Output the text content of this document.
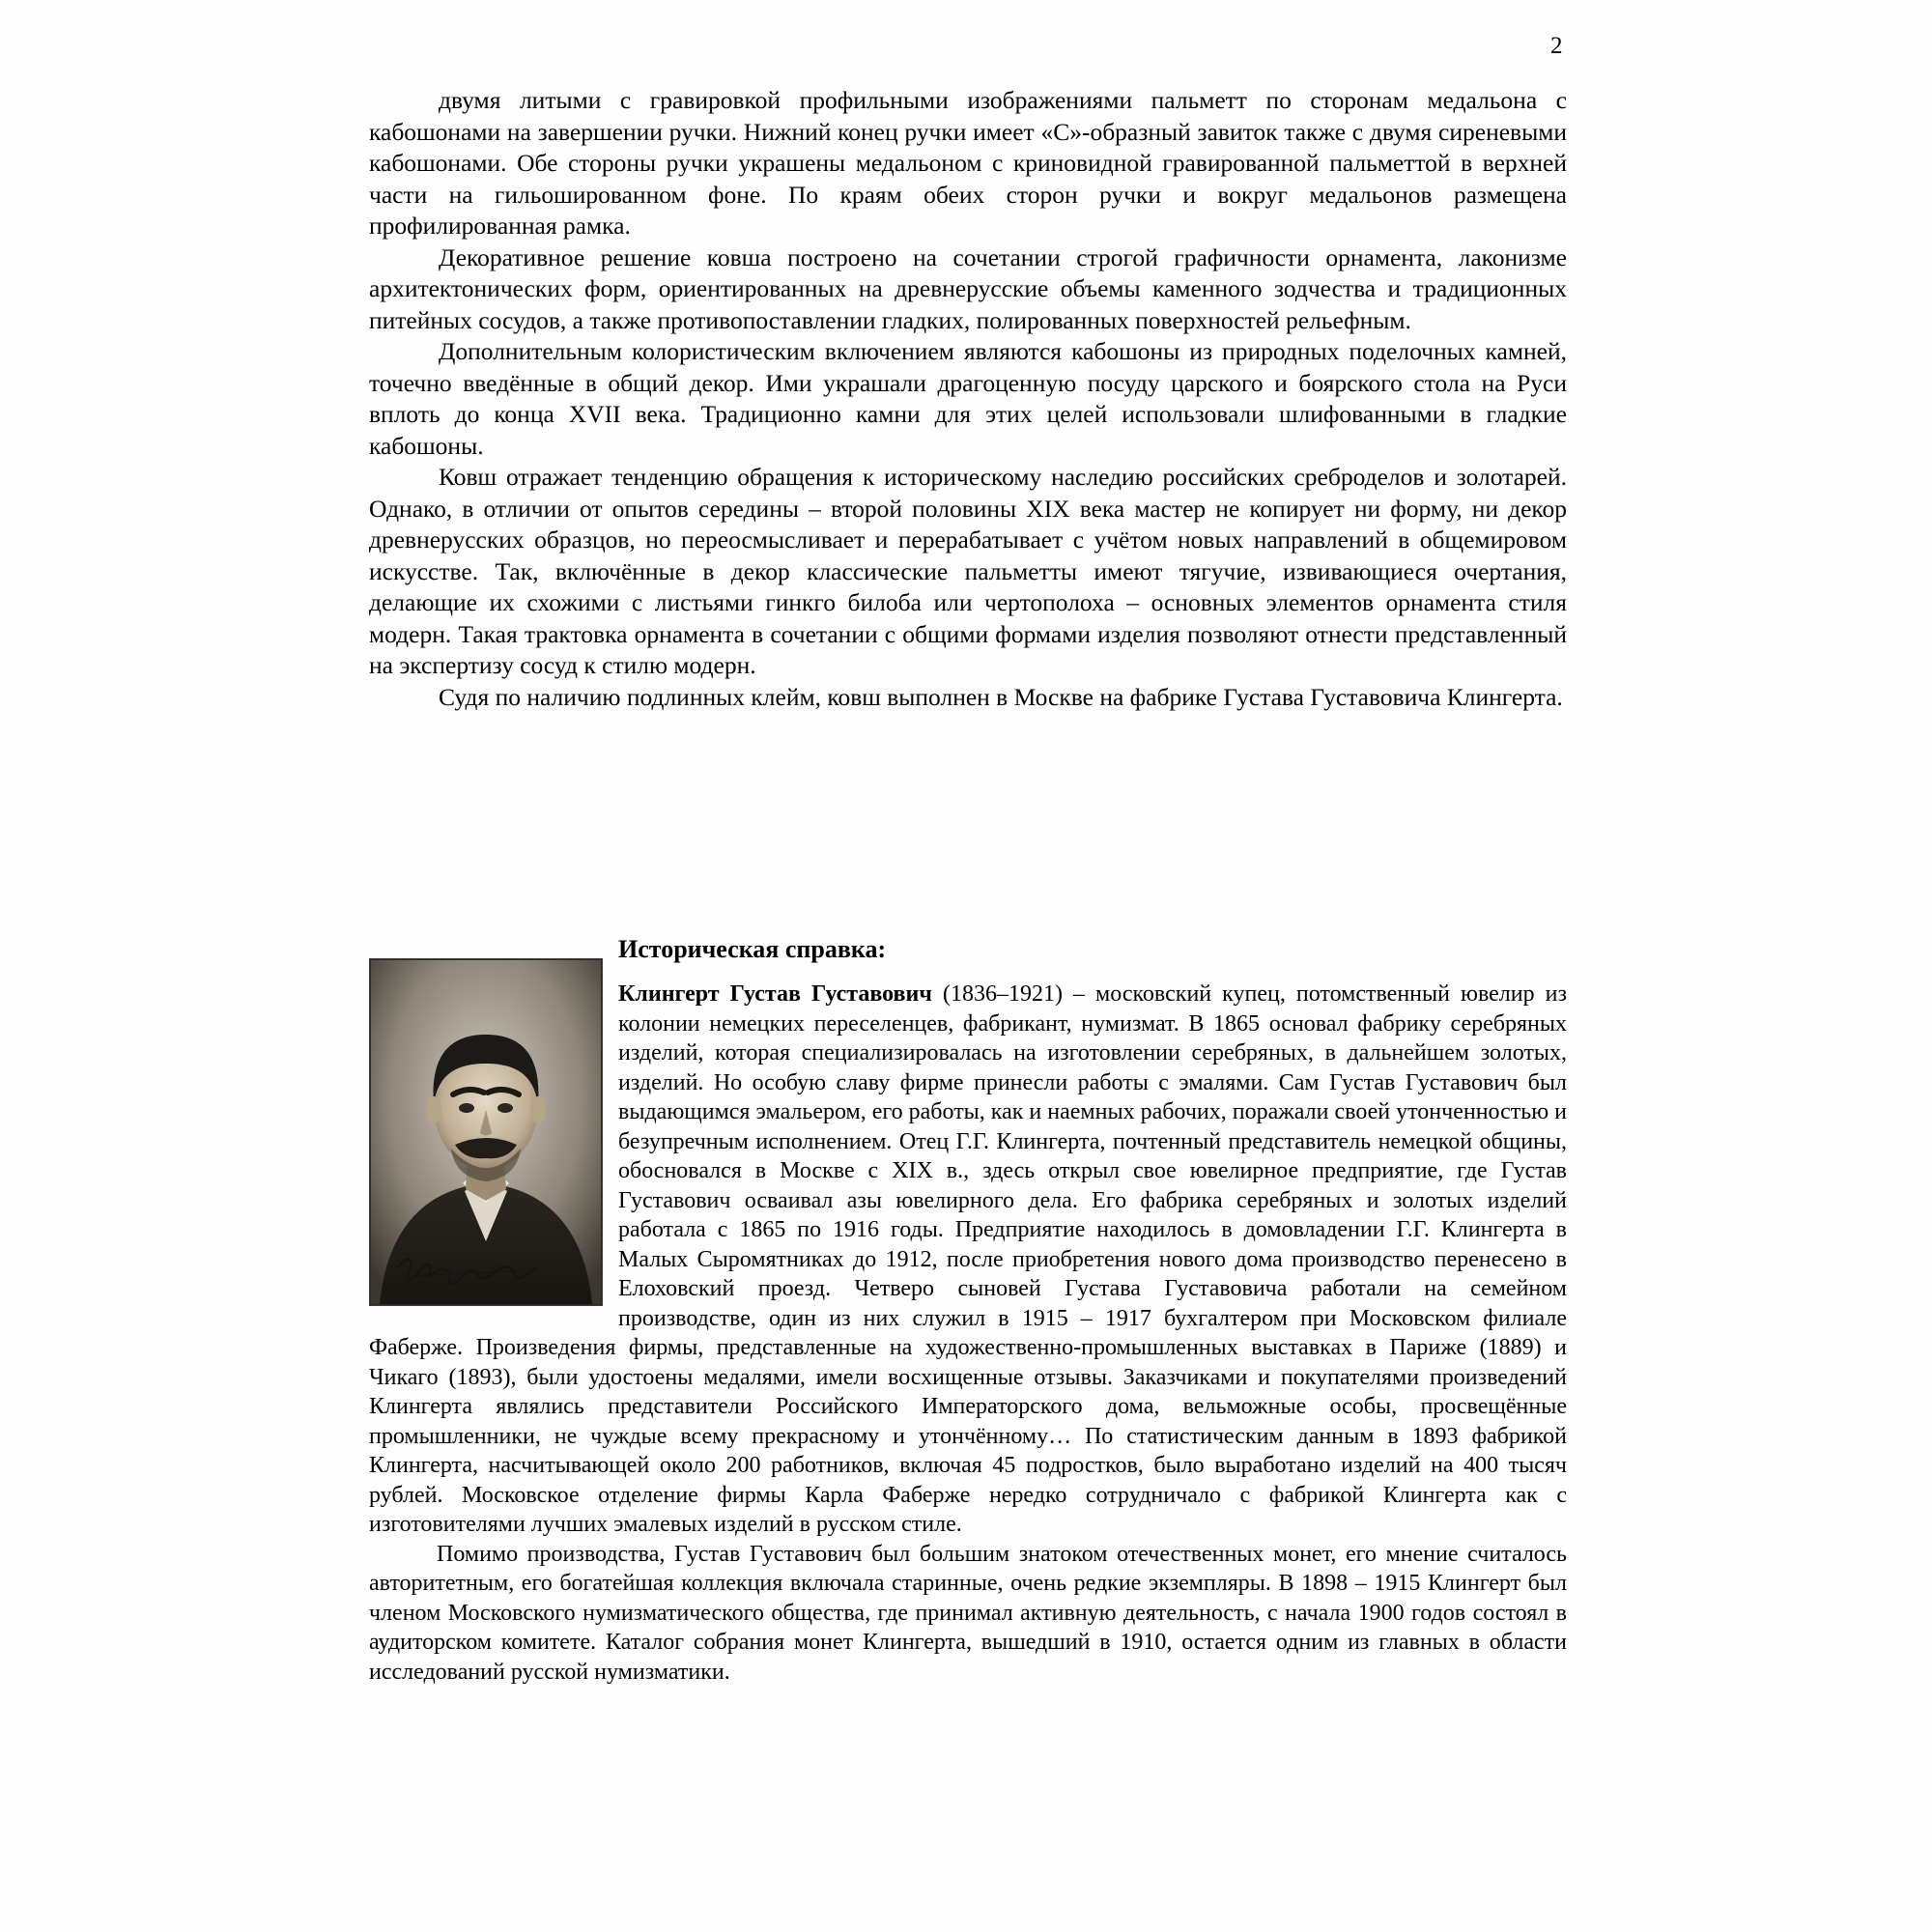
2

двумя литыми с гравировкой профильными изображениями пальметт по сторонам медальона с кабошонами на завершении ручки. Нижний конец ручки имеет «С»-образный завиток также с двумя сиреневыми кабошонами. Обе стороны ручки украшены медальоном с криновидной гравированной пальметтой в верхней части на гильошированном фоне. По краям обеих сторон ручки и вокруг медальонов размещена профилированная рамка.

Декоративное решение ковша построено на сочетании строгой графичности орнамента, лаконизме архитектонических форм, ориентированных на древнерусские объемы каменного зодчества и традиционных питейных сосудов, а также противопоставлении гладких, полированных поверхностей рельефным.

Дополнительным колористическим включением являются кабошоны из природных поделочных камней, точечно введённые в общий декор. Ими украшали драгоценную посуду царского и боярского стола на Руси вплоть до конца XVII века. Традиционно камни для этих целей использовали шлифованными в гладкие кабошоны.

Ковш отражает тенденцию обращения к историческому наследию российских среброделов и золотарей. Однако, в отличии от опытов середины – второй половины XIX века мастер не копирует ни форму, ни декор древнерусских образцов, но переосмысливает и перерабатывает с учётом новых направлений в общемировом искусстве. Так, включённые в декор классические пальметты имеют тягучие, извивающиеся очертания, делающие их схожими с листьями гинкго билоба или чертополоха – основных элементов орнамента стиля модерн. Такая трактовка орнамента в сочетании с общими формами изделия позволяют отнести представленный на экспертизу сосуд к стилю модерн.

Судя по наличию подлинных клейм, ковш выполнен в Москве на фабрике Густава Густавовича Клингерта.

Историческая справка:

Клингерт Густав Густавович (1836–1921) – московский купец, потомственный ювелир из колонии немецких переселенцев, фабрикант, нумизмат. В 1865 основал фабрику серебряных изделий, которая специализировалась на изготовлении серебряных, в дальнейшем золотых, изделий. Но особую славу фирме принесли работы с эмалями. Сам Густав Густавович был выдающимся эмальером, его работы, как и наемных рабочих, поражали своей утонченностью и безупречным исполнением. Отец Г.Г. Клингерта, почтенный представитель немецкой общины, обосновался в Москве с XIX в., здесь открыл свое ювелирное предприятие, где Густав Густавович осваивал азы ювелирного дела. Его фабрика серебряных и золотых изделий работала с 1865 по 1916 годы. Предприятие находилось в домовладении Г.Г. Клингерта в Малых Сыромятниках до 1912, после приобретения нового дома производство перенесено в Елоховский проезд. Четверо сыновей Густава Густавовича работали на семейном производстве, один из них служил в 1915 – 1917 бухгалтером при Московском филиале Фаберже. Произведения фирмы, представленные на художественно-промышленных выставках в Париже (1889) и Чикаго (1893), были удостоены медалями, имели восхищенные отзывы. Заказчиками и покупателями произведений Клингерта являлись представители Российского Императорского дома, вельможные особы, просвещённые промышленники, не чуждые всему прекрасному и утончённому… По статистическим данным в 1893 фабрикой Клингерта, насчитывающей около 200 работников, включая 45 подростков, было выработано изделий на 400 тысяч рублей. Московское отделение фирмы Карла Фаберже нередко сотрудничало с фабрикой Клингерта как с изготовителями лучших эмалевых изделий в русском стиле.

Помимо производства, Густав Густавович был большим знатоком отечественных монет, его мнение считалось авторитетным, его богатейшая коллекция включала старинные, очень редкие экземпляры. В 1898 – 1915 Клингерт был членом Московского нумизматического общества, где принимал активную деятельность, с начала 1900 годов состоял в аудиторском комитете. Каталог собрания монет Клингерта, вышедший в 1910, остается одним из главных в области исследований русской нумизматики.
